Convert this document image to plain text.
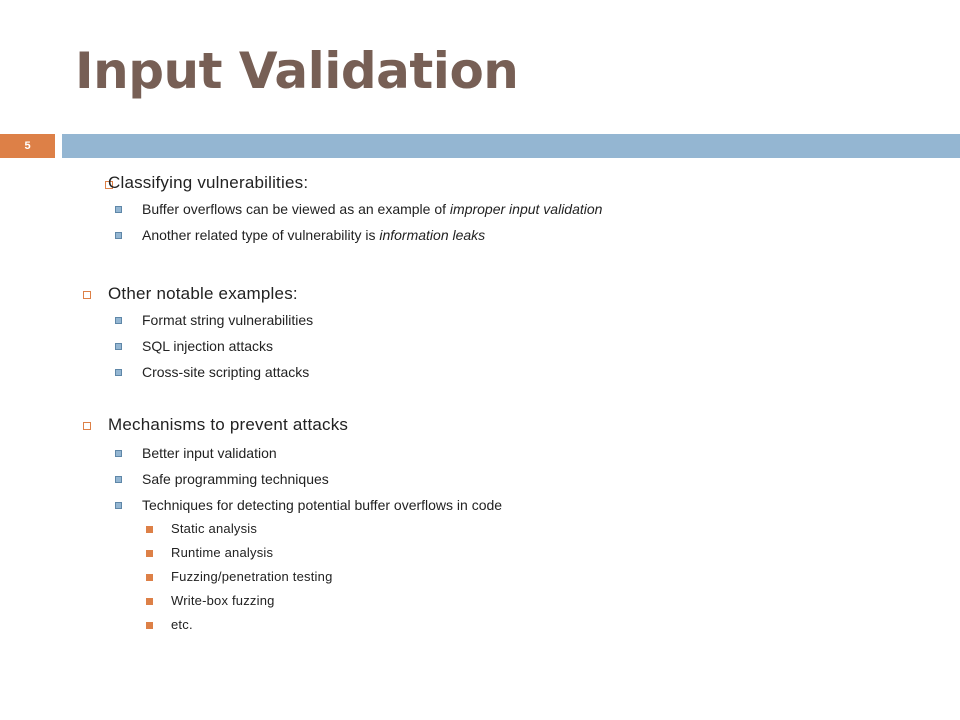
Input Validation
5
Classifying vulnerabilities:
Buffer overflows can be viewed as an example of improper input validation
Another related type of vulnerability is information leaks
Other notable examples:
Format string vulnerabilities
SQL injection attacks
Cross-site scripting attacks
Mechanisms to prevent attacks
Better input validation
Safe programming techniques
Techniques for detecting potential buffer overflows in code
Static analysis
Runtime analysis
Fuzzing/penetration testing
Write-box fuzzing
etc.
